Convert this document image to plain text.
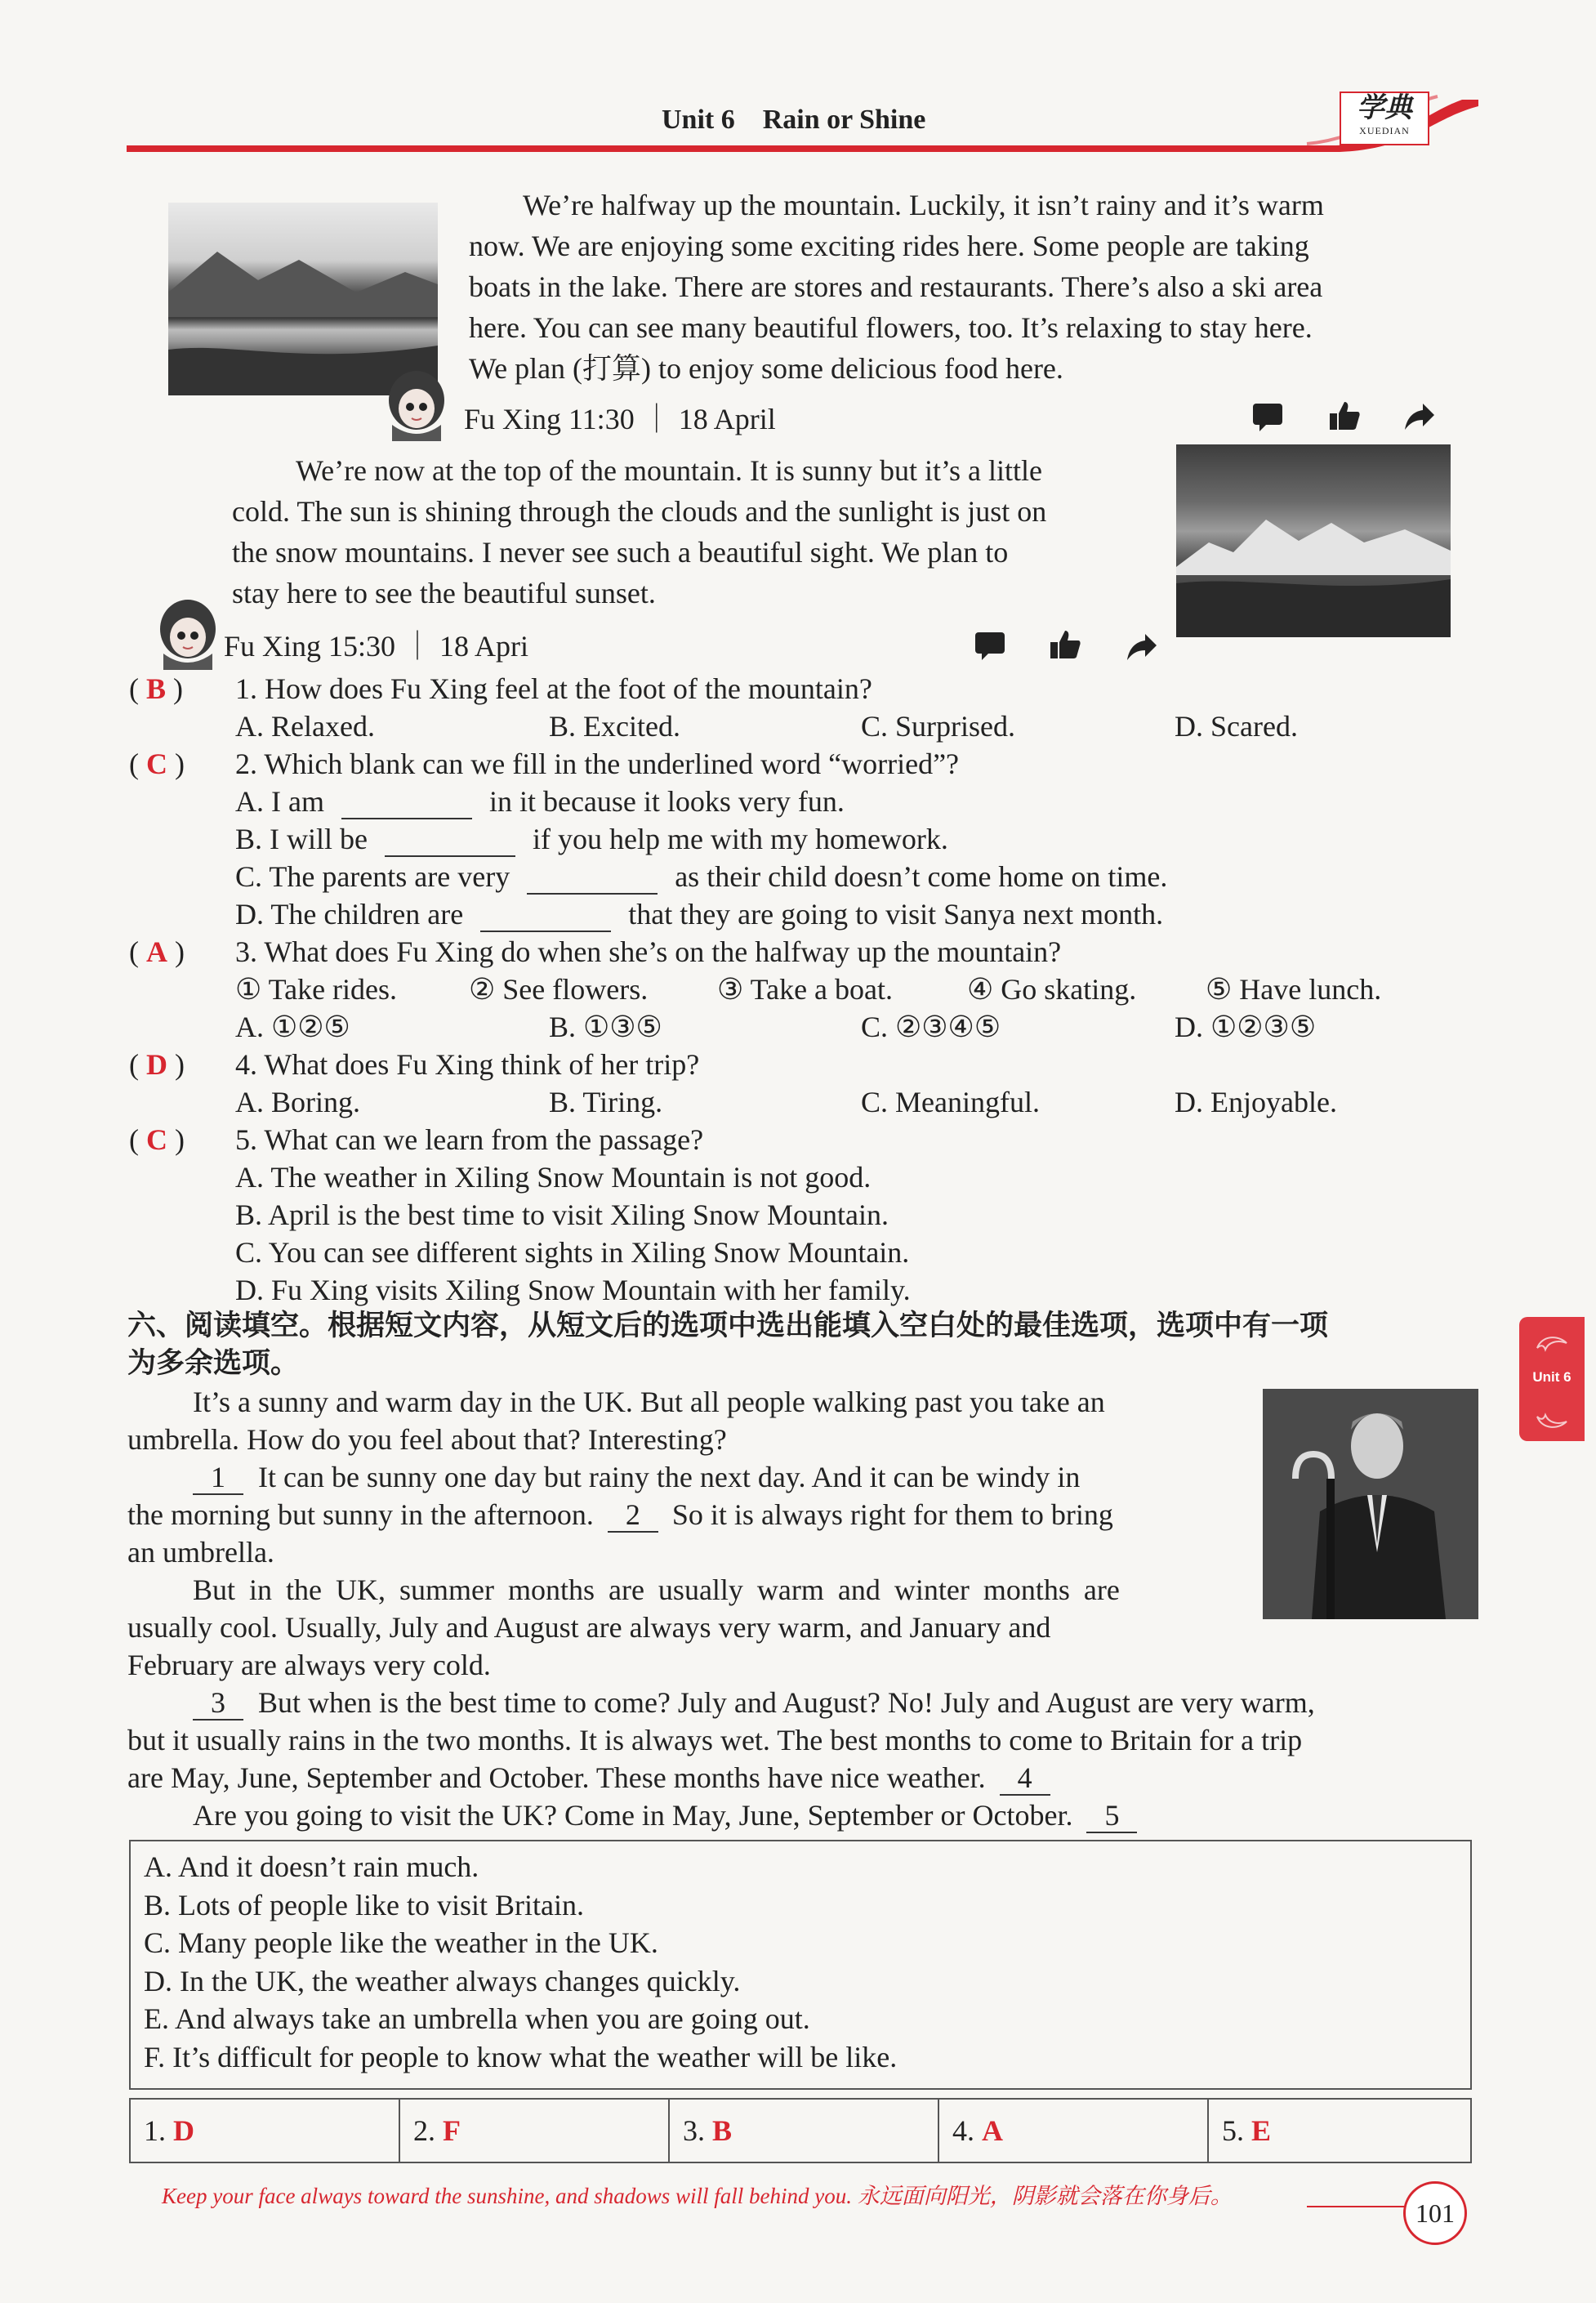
Unit 6    Rain or Shine	学典
XUEDIAN
We’re halfway up the mountain. Luckily, it isn’t rainy and it’s warm
now. We are enjoying some exciting rides here. Some people are taking
boats in the lake. There are stores and restaurants. There’s also a ski area
here. You can see many beautiful flowers, too. It’s relaxing to stay here.
We plan (打算) to enjoy some delicious food here.
Fu Xing 11:30 ｜ 18 April
We’re now at the top of the mountain. It is sunny but it’s a little
cold. The sun is shining through the clouds and the sunlight is just on
the snow mountains. I never see such a beautiful sight. We plan to
stay here to see the beautiful sunset.
Fu Xing 15:30 ｜ 18 Apri
( B ) 1. How does Fu Xing feel at the foot of the mountain?
A. Relaxed.	B. Excited.	C. Surprised.	D. Scared.
( C ) 2. Which blank can we fill in the underlined word “worried”?
A. I am	in it because it looks very fun.
B. I will be	if you help me with my homework.
C. The parents are very	as their child doesn’t come home on time.
D. The children are	that they are going to visit Sanya next month.
( A ) 3. What does Fu Xing do when she’s on the halfway up the mountain?
① Take rides. ② See flowers. ③ Take a boat.	④ Go skating. ⑤ Have lunch.
A. ①②⑤	B. ①③⑤	C. ②③④⑤	D. ①②③⑤
( D ) 4. What does Fu Xing think of her trip?
A. Boring.	B. Tiring.	C. Meaningful.	D. Enjoyable.
( C ) 5. What can we learn from the passage?
A. The weather in Xiling Snow Mountain is not good.
B. April is the best time to visit Xiling Snow Mountain.
C. You can see different sights in Xiling Snow Mountain.
D. Fu Xing visits Xiling Snow Mountain with her family.
六、阅读填空。根据短文内容，从短文后的选项中选出能填入空白处的最佳选项，选项中有一项
为多余选项。
It’s a sunny and warm day in the UK. But all people walking past you take an
umbrella. How do you feel about that? Interesting?
1 It can be sunny one day but rainy the next day. And it can be windy in
the morning but sunny in the afternoon. 2 So it is always right for them to bring
an umbrella.
But in the UK, summer months are usually warm and winter months are
usually cool. Usually, July and August are always very warm, and January and
February are always very cold.
3 But when is the best time to come? July and August? No! July and August are very warm,
but it usually rains in the two months. It is always wet. The best months to come to Britain for a trip
are May, June, September and October. These months have nice weather. 4
Are you going to visit the UK? Come in May, June, September or October. 5
A. And it doesn’t rain much.
B. Lots of people like to visit Britain.
C. Many people like the weather in the UK.
D. In the UK, the weather always changes quickly.
E. And always take an umbrella when you are going out.
F. It’s difficult for people to know what the weather will be like.
1. D	2. F	3. B	4. A	5. E
Unit 6
Keep your face always toward the sunshine, and shadows will fall behind you. 永远面向阳光，阴影就会落在你身后。
101
